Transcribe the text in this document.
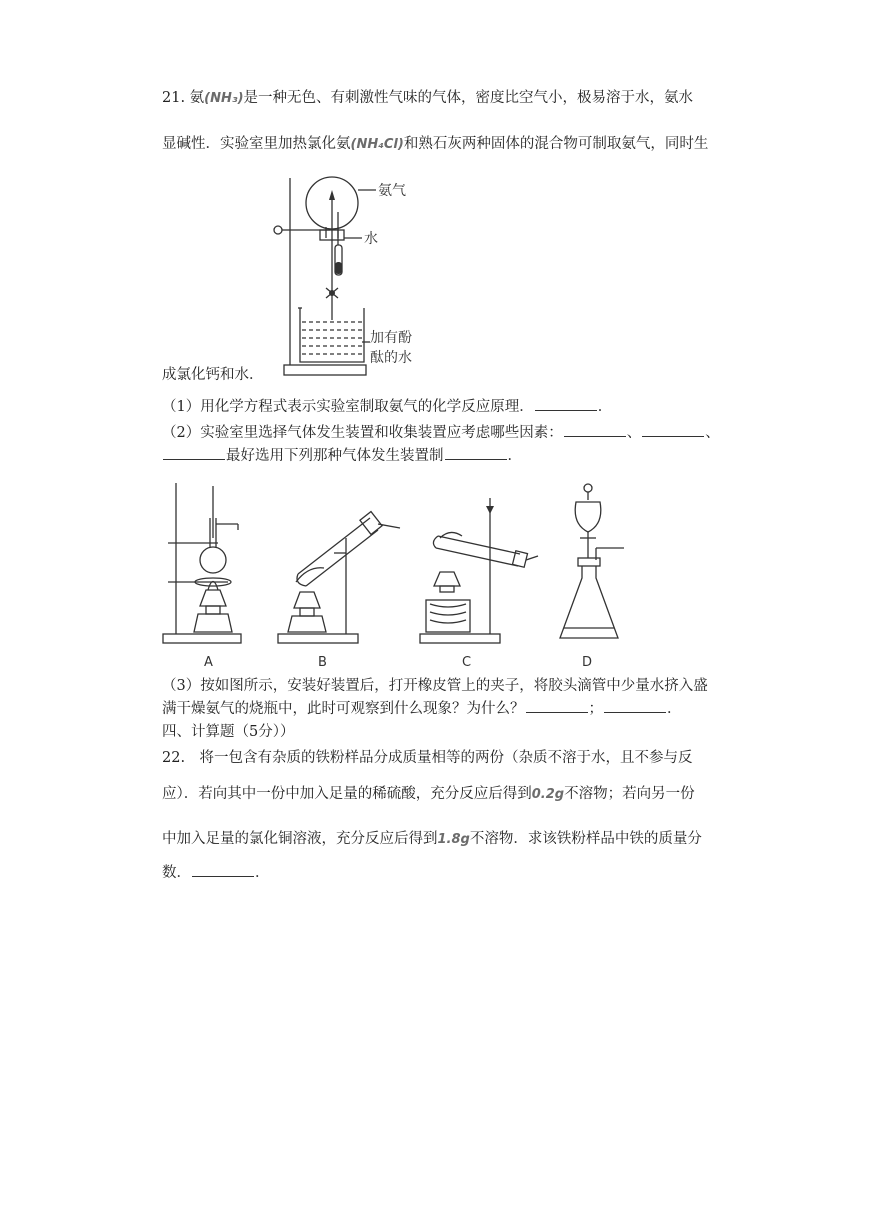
21. 氨(NH₃)是一种无色、有刺激性气味的气体，密度比空气小，极易溶于水，氨水
显碱性．实验室里加热氯化氨(NH₄Cl)和熟石灰两种固体的混合物可制取氨气，同时生
氨气
水
加有酚
酞的水
成氯化钙和水．
（1）用化学方程式表示实验室制取氨气的化学反应原理．	．
（2）实验室里选择气体发生装置和收集装置应考虑哪些因素：	、	、
最好选用下列那种气体发生装置制	．
A	B	C	D
（3）按如图所示，安装好装置后，打开橡皮管上的夹子，将胶头滴管中少量水挤入盛
满干燥氨气的烧瓶中，此时可观察到什么现象？为什么？	；	．
四、计算题（5分））
22.　将一包含有杂质的铁粉样品分成质量相等的两份（杂质不溶于水，且不参与反
应）．若向其中一份中加入足量的稀硫酸，充分反应后得到0.2g不溶物；若向另一份
中加入足量的氯化铜溶液，充分反应后得到1.8g不溶物．求该铁粉样品中铁的质量分
数．	．
